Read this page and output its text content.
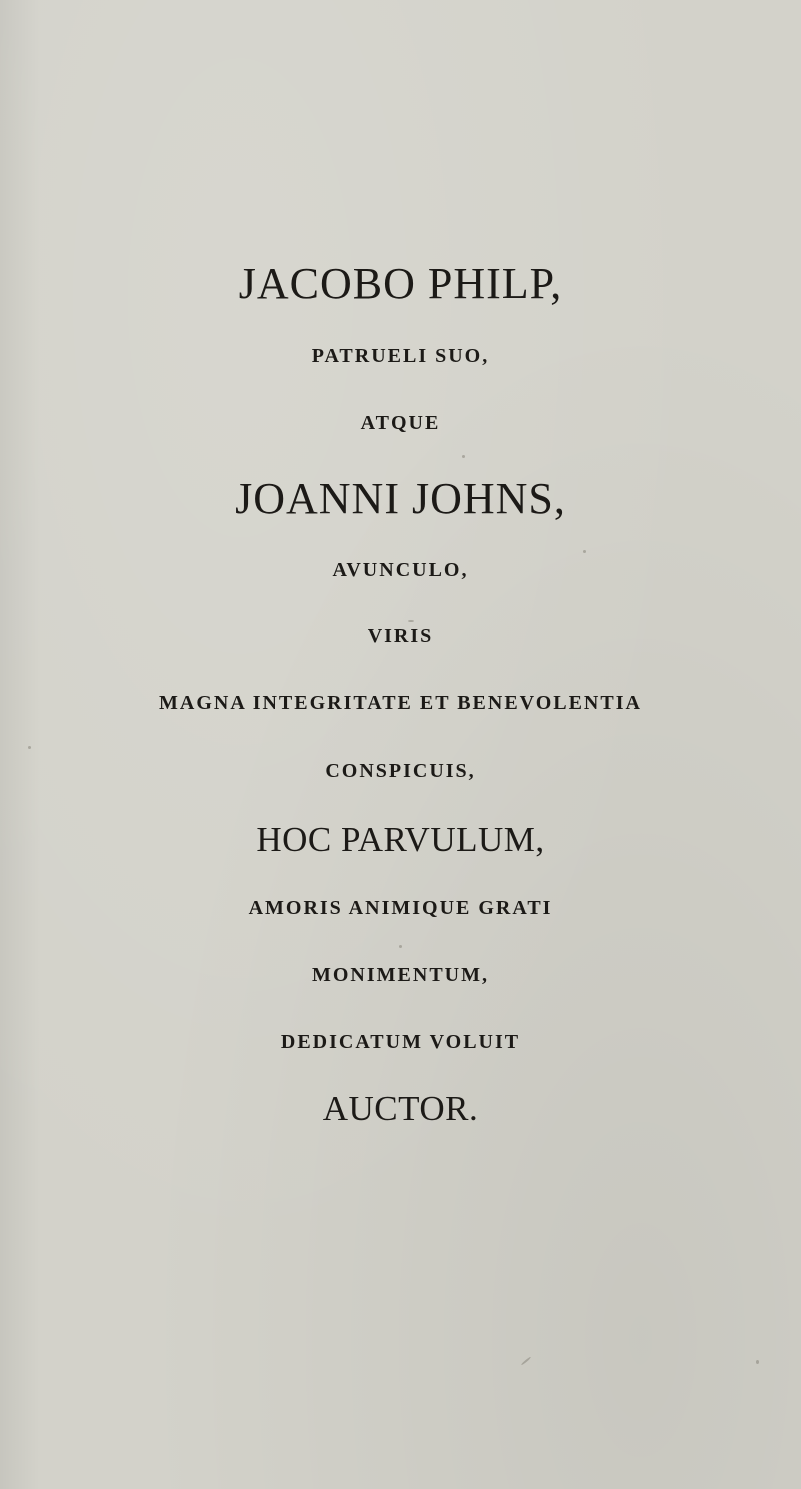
JACOBO PHILP,
PATRUELI SUO,
ATQUE
JOANNI JOHNS,
AVUNCULO,
VIRIS
MAGNA INTEGRITATE ET BENEVOLENTIA
CONSPICUIS,
HOC PARVULUM,
AMORIS ANIMIQUE GRATI
MONIMENTUM,
DEDICATUM VOLUIT
AUCTOR.
